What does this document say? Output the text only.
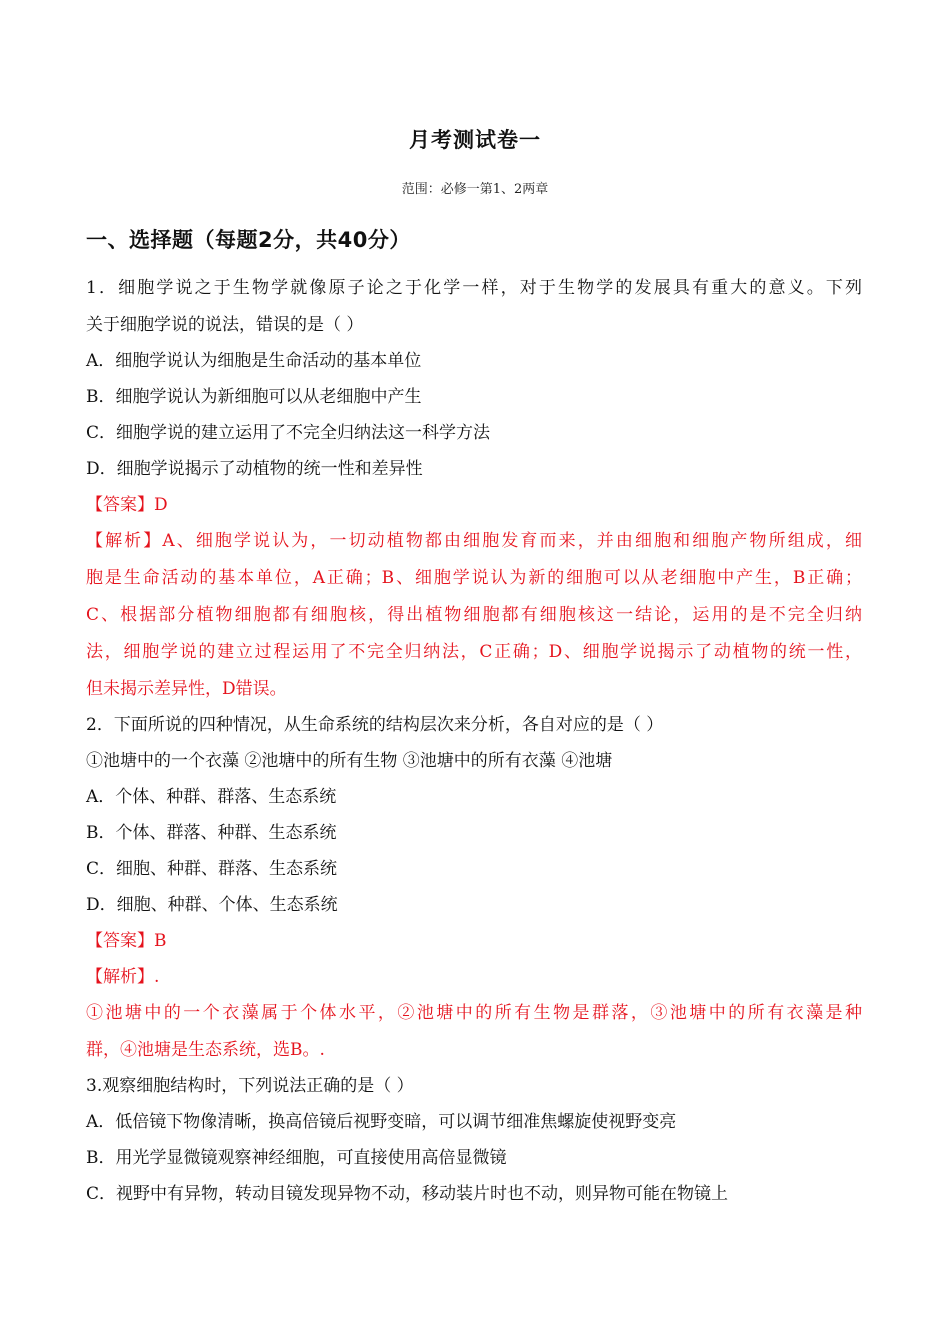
月考测试卷一
范围：必修一第1、2两章
一、选择题（每题2分，共40分）
1．细胞学说之于生物学就像原子论之于化学一样，对于生物学的发展具有重大的意义。下列
关于细胞学说的说法，错误的是（ ）
A．细胞学说认为细胞是生命活动的基本单位
B．细胞学说认为新细胞可以从老细胞中产生
C．细胞学说的建立运用了不完全归纳法这一科学方法
D．细胞学说揭示了动植物的统一性和差异性
【答案】D
【解析】A、细胞学说认为，一切动植物都由细胞发育而来，并由细胞和细胞产物所组成，细
胞是生命活动的基本单位，A正确；B、细胞学说认为新的细胞可以从老细胞中产生，B正确；
C、根据部分植物细胞都有细胞核，得出植物细胞都有细胞核这一结论，运用的是不完全归纳
法，细胞学说的建立过程运用了不完全归纳法，C正确；D、细胞学说揭示了动植物的统一性，
但未揭示差异性，D错误。
2．下面所说的四种情况，从生命系统的结构层次来分析，各自对应的是（ ）
①池塘中的一个衣藻 ②池塘中的所有生物 ③池塘中的所有衣藻 ④池塘
A．个体、种群、群落、生态系统
B．个体、群落、种群、生态系统
C．细胞、种群、群落、生态系统
D．细胞、种群、个体、生态系统
【答案】B
【解析】.
①池塘中的一个衣藻属于个体水平，②池塘中的所有生物是群落，③池塘中的所有衣藻是种
群，④池塘是生态系统，选B。.
3.观察细胞结构时，下列说法正确的是（ ）
A．低倍镜下物像清晰，换高倍镜后视野变暗，可以调节细准焦螺旋使视野变亮
B．用光学显微镜观察神经细胞，可直接使用高倍显微镜
C．视野中有异物，转动目镜发现异物不动，移动装片时也不动，则异物可能在物镜上
